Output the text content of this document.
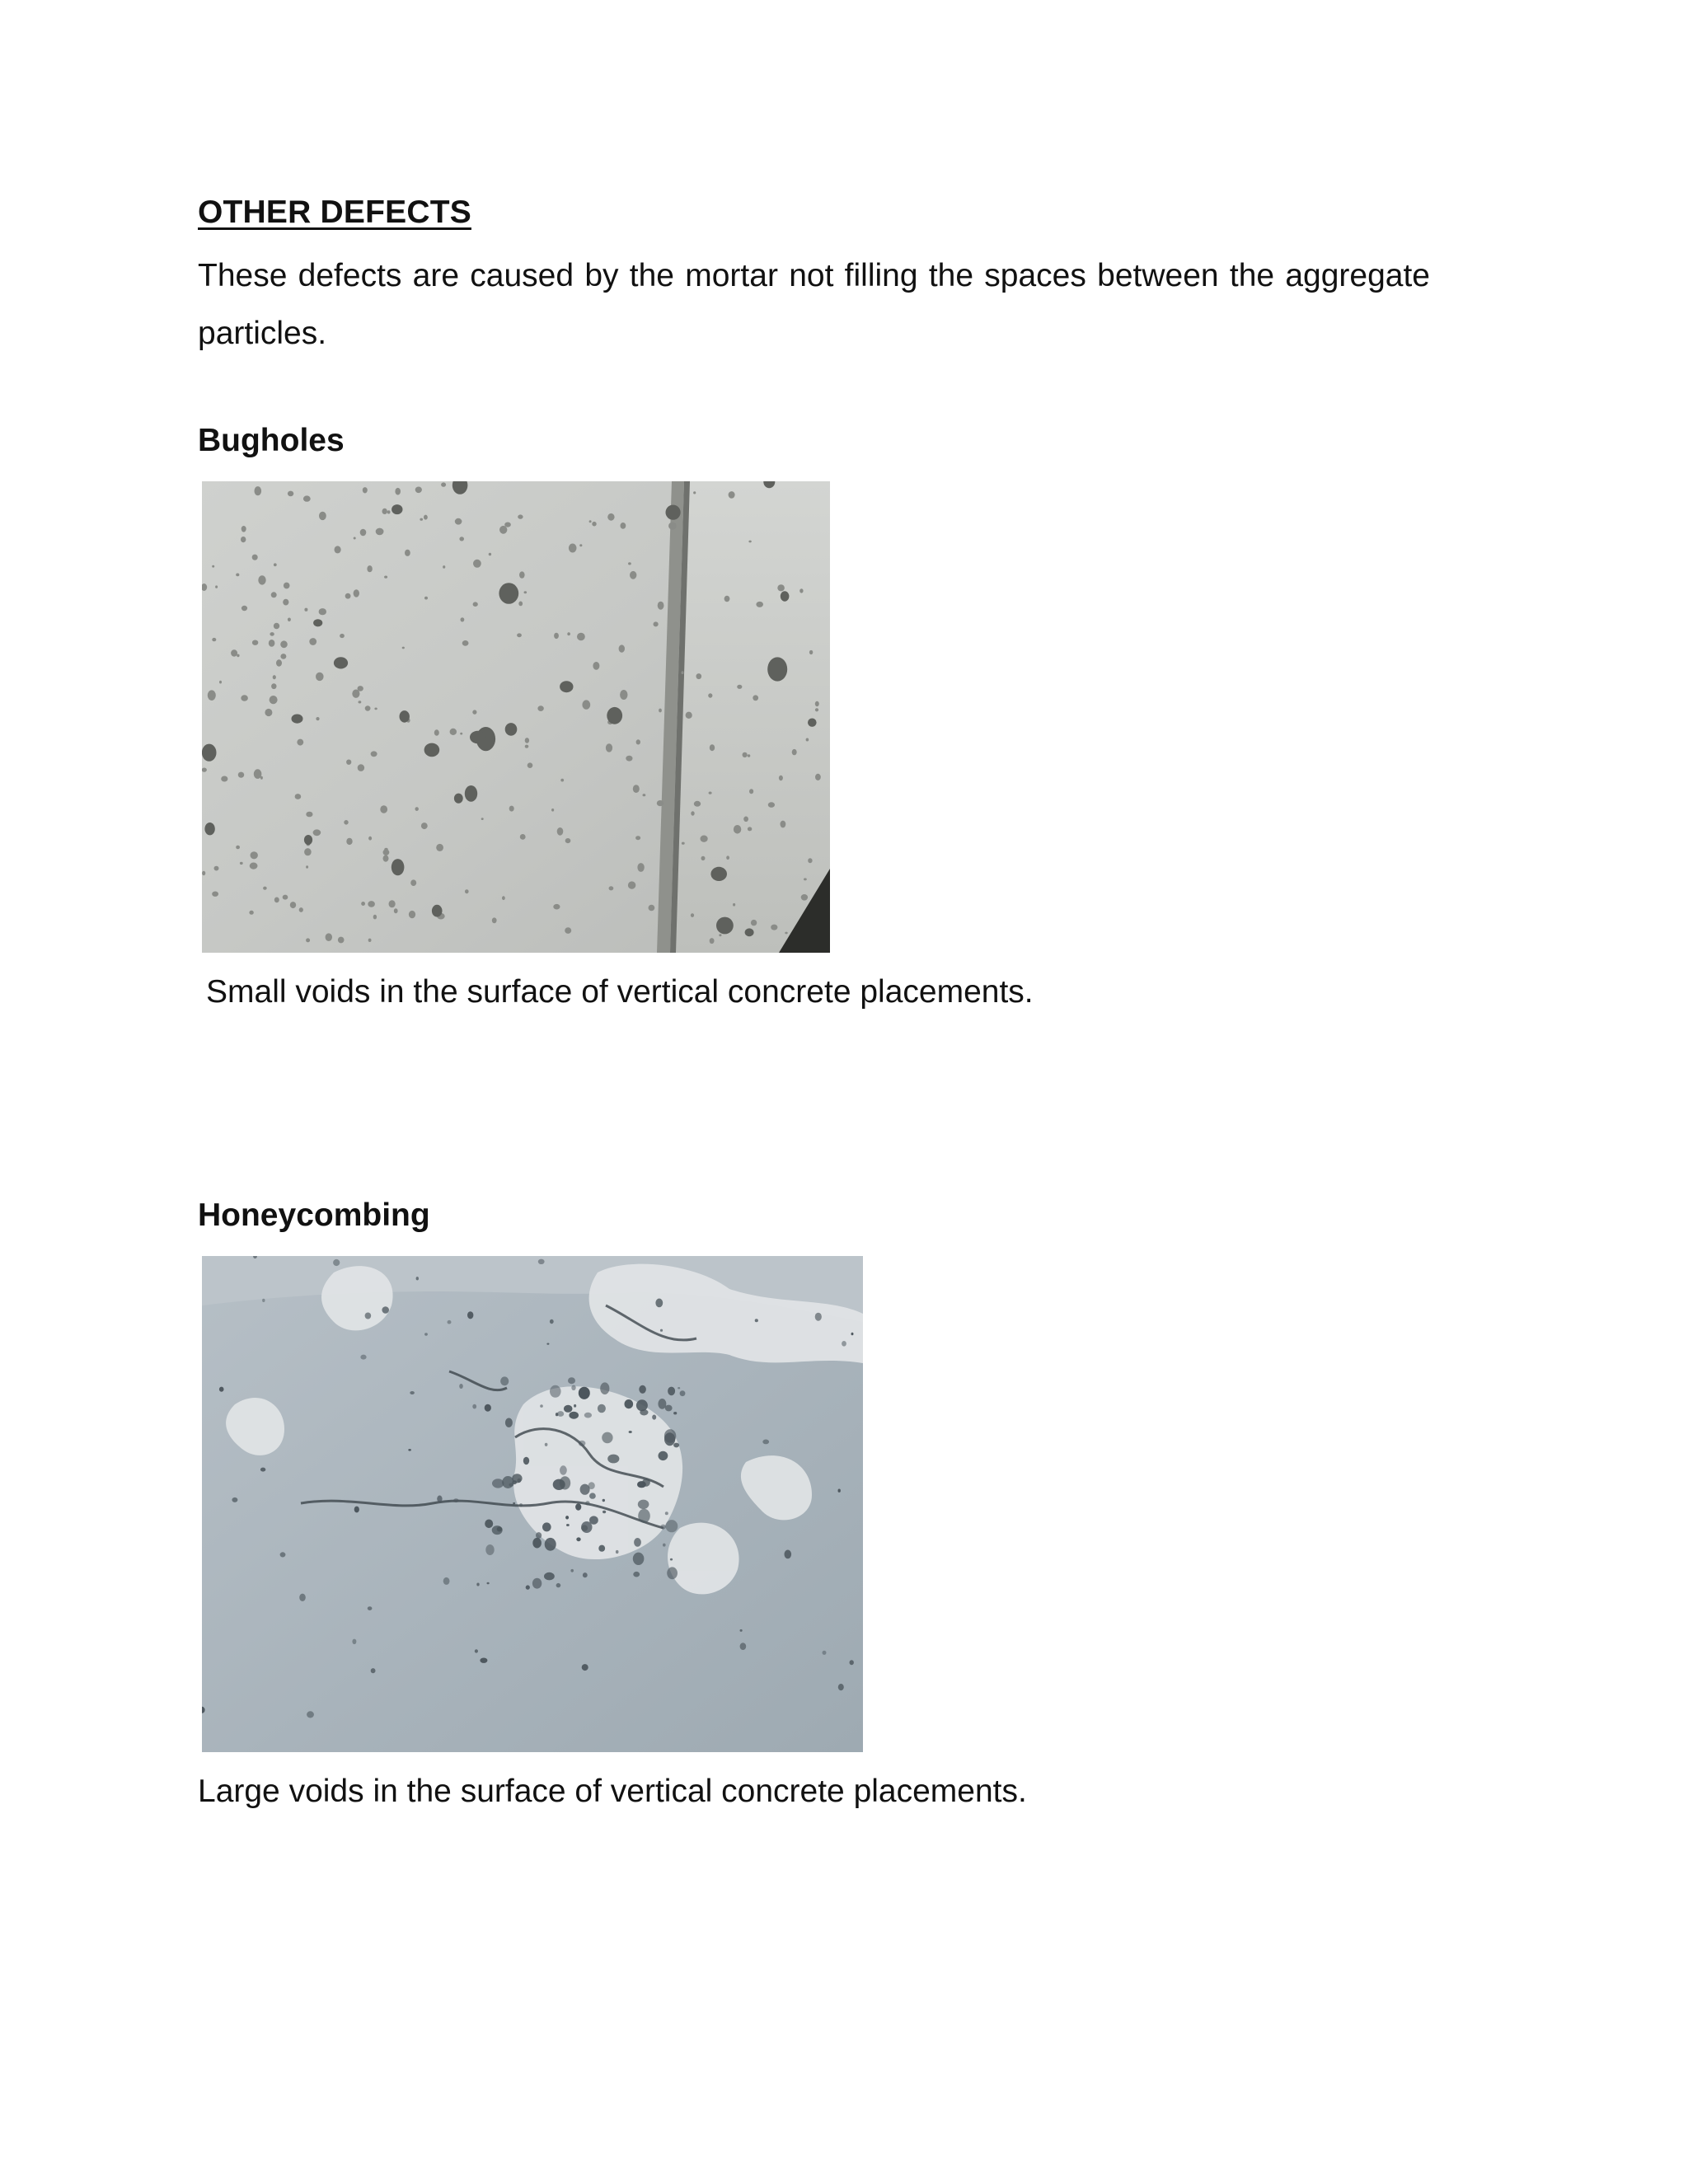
OTHER DEFECTS

These defects are caused by the mortar not filling the spaces between the aggregate particles.

Bugholes

Small voids in the surface of vertical concrete placements.

Honeycombing

Large voids in the surface of vertical concrete placements.
